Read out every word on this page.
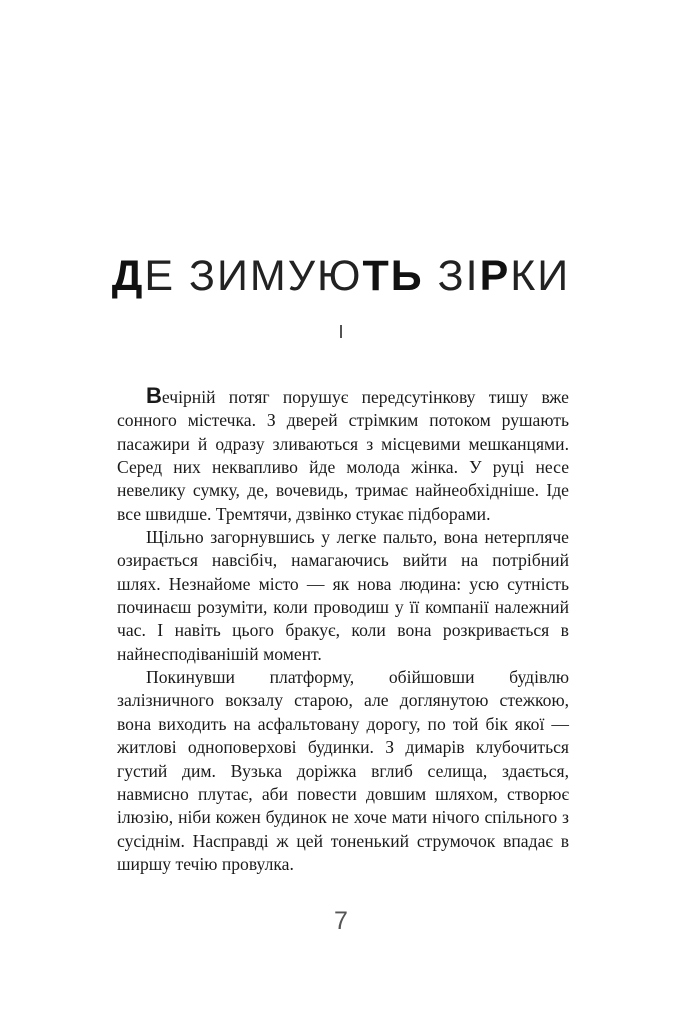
ДЕ ЗИМУЮТЬ ЗІРКИ
I

Вечірній потяг порушує передсутінкову тишу вже сонного містечка. З дверей стрімким потоком рушають пасажири й одразу зливаються з місцевими мешканцями. Серед них неквапливо йде молода жінка. У руці несе невелику сумку, де, вочевидь, тримає найнеобхідніше. Іде все швидше. Тремтячи, дзвінко стукає підборами.

Щільно загорнувшись у легке пальто, вона нетерпляче озирається навсібіч, намагаючись вийти на потрібний шлях. Незнайоме місто — як нова людина: усю сутність починаєш розуміти, коли проводиш у її компанії належний час. І навіть цього бракує, коли вона розкривається в найнесподіванішій момент.

Покинувши платформу, обійшовши будівлю залізничного вокзалу старою, але доглянутою стежкою, вона виходить на асфальтовану дорогу, по той бік якої — житлові одноповерхові будинки. З димарів клубочиться густий дим. Вузька доріжка вглиб селища, здається, навмисно плутає, аби повести довшим шляхом, створює ілюзію, ніби кожен будинок не хоче мати нічого спільного з сусіднім. Насправді ж цей тоненький струмочок впадає в ширшу течію провулка.

7
